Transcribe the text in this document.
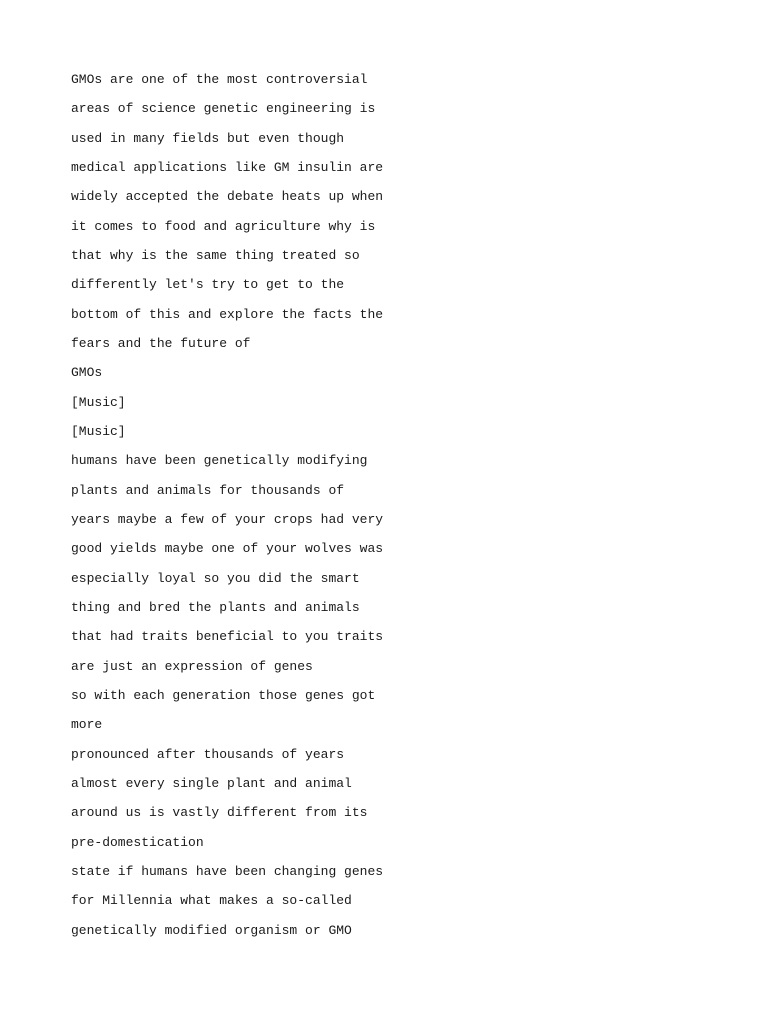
GMOs are one of the most controversial
areas of science genetic engineering is
used in many fields but even though
medical applications like GM insulin are
widely accepted the debate heats up when
it comes to food and agriculture why is
that why is the same thing treated so
differently let's try to get to the
bottom of this and explore the facts the
fears and the future of
GMOs
[Music]
[Music]
humans have been genetically modifying
plants and animals for thousands of
years maybe a few of your crops had very
good yields maybe one of your wolves was
especially loyal so you did the smart
thing and bred the plants and animals
that had traits beneficial to you traits
are just an expression of genes
so with each generation those genes got
more
pronounced after thousands of years
almost every single plant and animal
around us is vastly different from its
pre-domestication
state if humans have been changing genes
for Millennia what makes a so-called
genetically modified organism or GMO
